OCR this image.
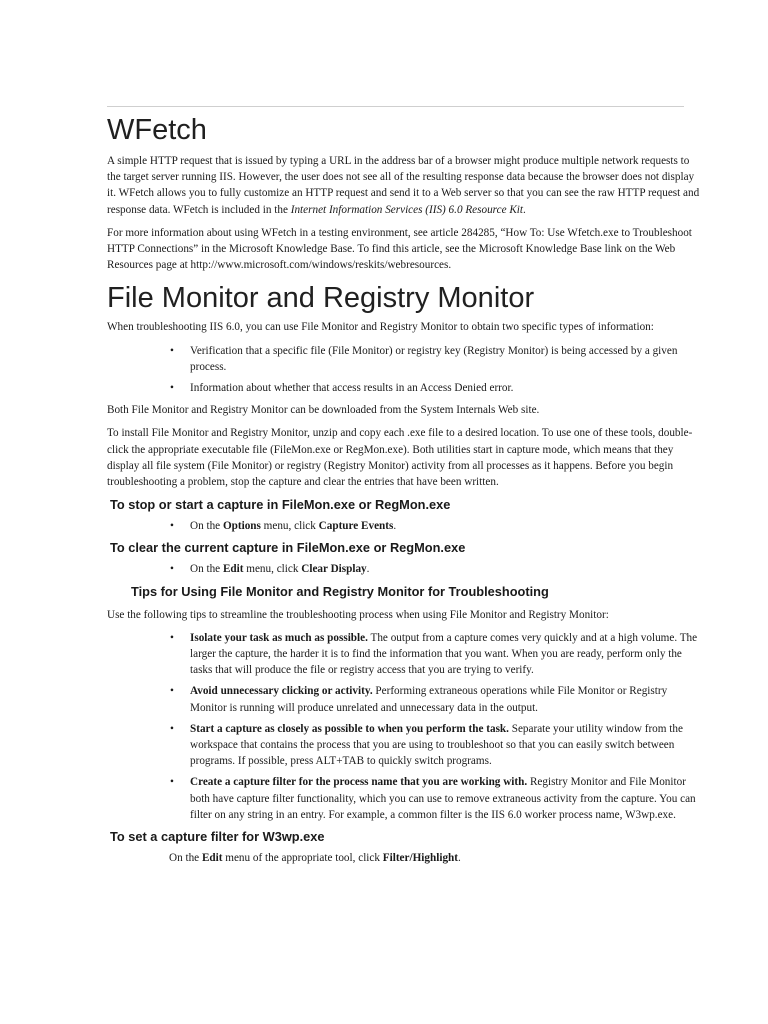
WFetch

A simple HTTP request that is issued by typing a URL in the address bar of a browser might produce multiple network requests to the target server running IIS. However, the user does not see all of the resulting response data because the browser does not display it. WFetch allows you to fully customize an HTTP request and send it to a Web server so that you can see the raw HTTP request and response data. WFetch is included in the Internet Information Services (IIS) 6.0 Resource Kit.

For more information about using WFetch in a testing environment, see article 284285, “How To: Use Wfetch.exe to Troubleshoot HTTP Connections” in the Microsoft Knowledge Base. To find this article, see the Microsoft Knowledge Base link on the Web Resources page at http://www.microsoft.com/windows/reskits/webresources.

File Monitor and Registry Monitor

When troubleshooting IIS 6.0, you can use File Monitor and Registry Monitor to obtain two specific types of information:

• Verification that a specific file (File Monitor) or registry key (Registry Monitor) is being accessed by a given process.
• Information about whether that access results in an Access Denied error.

Both File Monitor and Registry Monitor can be downloaded from the System Internals Web site.

To install File Monitor and Registry Monitor, unzip and copy each .exe file to a desired location. To use one of these tools, double-click the appropriate executable file (FileMon.exe or RegMon.exe). Both utilities start in capture mode, which means that they display all file system (File Monitor) or registry (Registry Monitor) activity from all processes as it happens. Before you begin troubleshooting a problem, stop the capture and clear the entries that have been written.

To stop or start a capture in FileMon.exe or RegMon.exe
• On the Options menu, click Capture Events.
To clear the current capture in FileMon.exe or RegMon.exe
• On the Edit menu, click Clear Display.
Tips for Using File Monitor and Registry Monitor for Troubleshooting

Use the following tips to streamline the troubleshooting process when using File Monitor and Registry Monitor:

• Isolate your task as much as possible. The output from a capture comes very quickly and at a high volume. The larger the capture, the harder it is to find the information that you want. When you are ready, perform only the tasks that will produce the file or registry access that you are trying to verify.
• Avoid unnecessary clicking or activity. Performing extraneous operations while File Monitor or Registry Monitor is running will produce unrelated and unnecessary data in the output.
• Start a capture as closely as possible to when you perform the task. Separate your utility window from the workspace that contains the process that you are using to troubleshoot so that you can easily switch between programs. If possible, press ALT+TAB to quickly switch programs.
• Create a capture filter for the process name that you are working with. Registry Monitor and File Monitor both have capture filter functionality, which you can use to remove extraneous activity from the capture. You can filter on any string in an entry. For example, a common filter is the IIS 6.0 worker process name, W3wp.exe.
To set a capture filter for W3wp.exe

On the Edit menu of the appropriate tool, click Filter/Highlight.
